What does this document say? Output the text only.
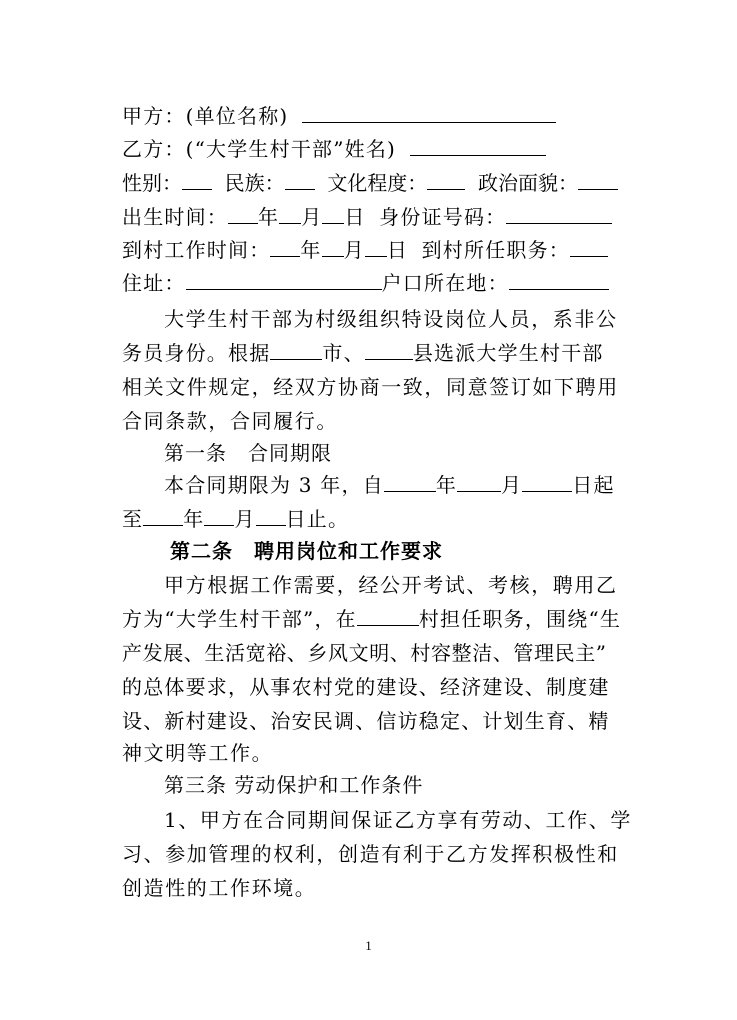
甲方：(单位名称)
乙方：(“大学生村干部”姓名)
性别：	民族：	文化程度：	政治面貌：
出生时间： 年 月 日 身份证号码：
到村工作时间： 年 月 日 到村所任职务：
住址：	户口所在地：
大学生村干部为村级组织特设岗位人员，系非公
务员身份。根据	市、 县选派大学生村干部
相关文件规定，经双方协商一致，同意签订如下聘用
合同条款，合同履行。
第一条　合同期限
本合同期限为 3 年，自	年 月	日起
至 年 月 日止。
第二条　聘用岗位和工作要求
甲方根据工作需要，经公开考试、考核，聘用乙
方为“大学生村干部”，在	村担任职务，围绕“生
产发展、生活宽裕、乡风文明、村容整洁、管理民主”
的总体要求，从事农村党的建设、经济建设、制度建
设、新村建设、治安民调、信访稳定、计划生育、精
神文明等工作。
第三条 劳动保护和工作条件
1、甲方在合同期间保证乙方享有劳动、工作、学
习、参加管理的权利，创造有利于乙方发挥积极性和
创造性的工作环境。
1
